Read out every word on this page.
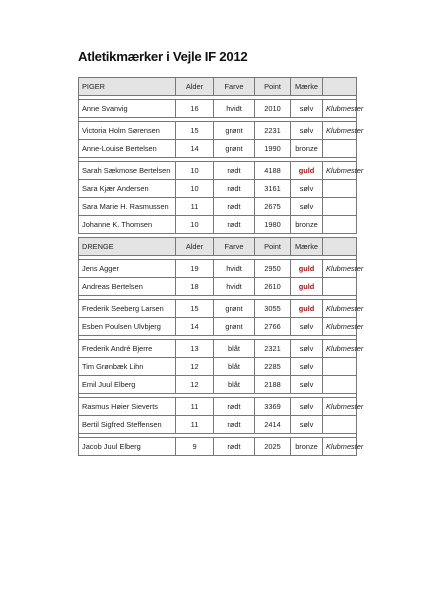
Atletikmærker i Vejle IF 2012
PIGER	Alder	Farve	Point	Mærke	

Anne Svanvig	16	hvidt	2010	sølv	Klubmester

Victoria Holm Sørensen	15	grønt	2231	sølv	Klubmester
Anne-Louise Bertelsen	14	grønt	1990	bronze	

Sarah Sækmose Bertelsen	10	rødt	4188	guld	Klubmester
Sara Kjær Andersen	10	rødt	3161	sølv	
Sara Marie H. Rasmussen	11	rødt	2675	sølv	
Johanne K. Thomsen	10	rødt	1980	bronze	
DRENGE	Alder	Farve	Point	Mærke	

Jens Agger	19	hvidt	2950	guld	Klubmester
Andreas Bertelsen	18	hvidt	2610	guld	

Frederik Seeberg Larsen	15	grønt	3055	guld	Klubmester
Esben Poulsen Ulvbjerg	14	grønt	2766	sølv	Klubmester

Frederik André Bjerre	13	blåt	2321	sølv	Klubmester
Tim Grønbæk Lihn	12	blåt	2285	sølv	
Emil Juul Elberg	12	blåt	2188	sølv	

Rasmus Høier Sieverts	11	rødt	3369	sølv	Klubmester
Bertil Sigfred Steffensen	11	rødt	2414	sølv	

Jacob Juul Elberg	9	rødt	2025	bronze	Klubmester
